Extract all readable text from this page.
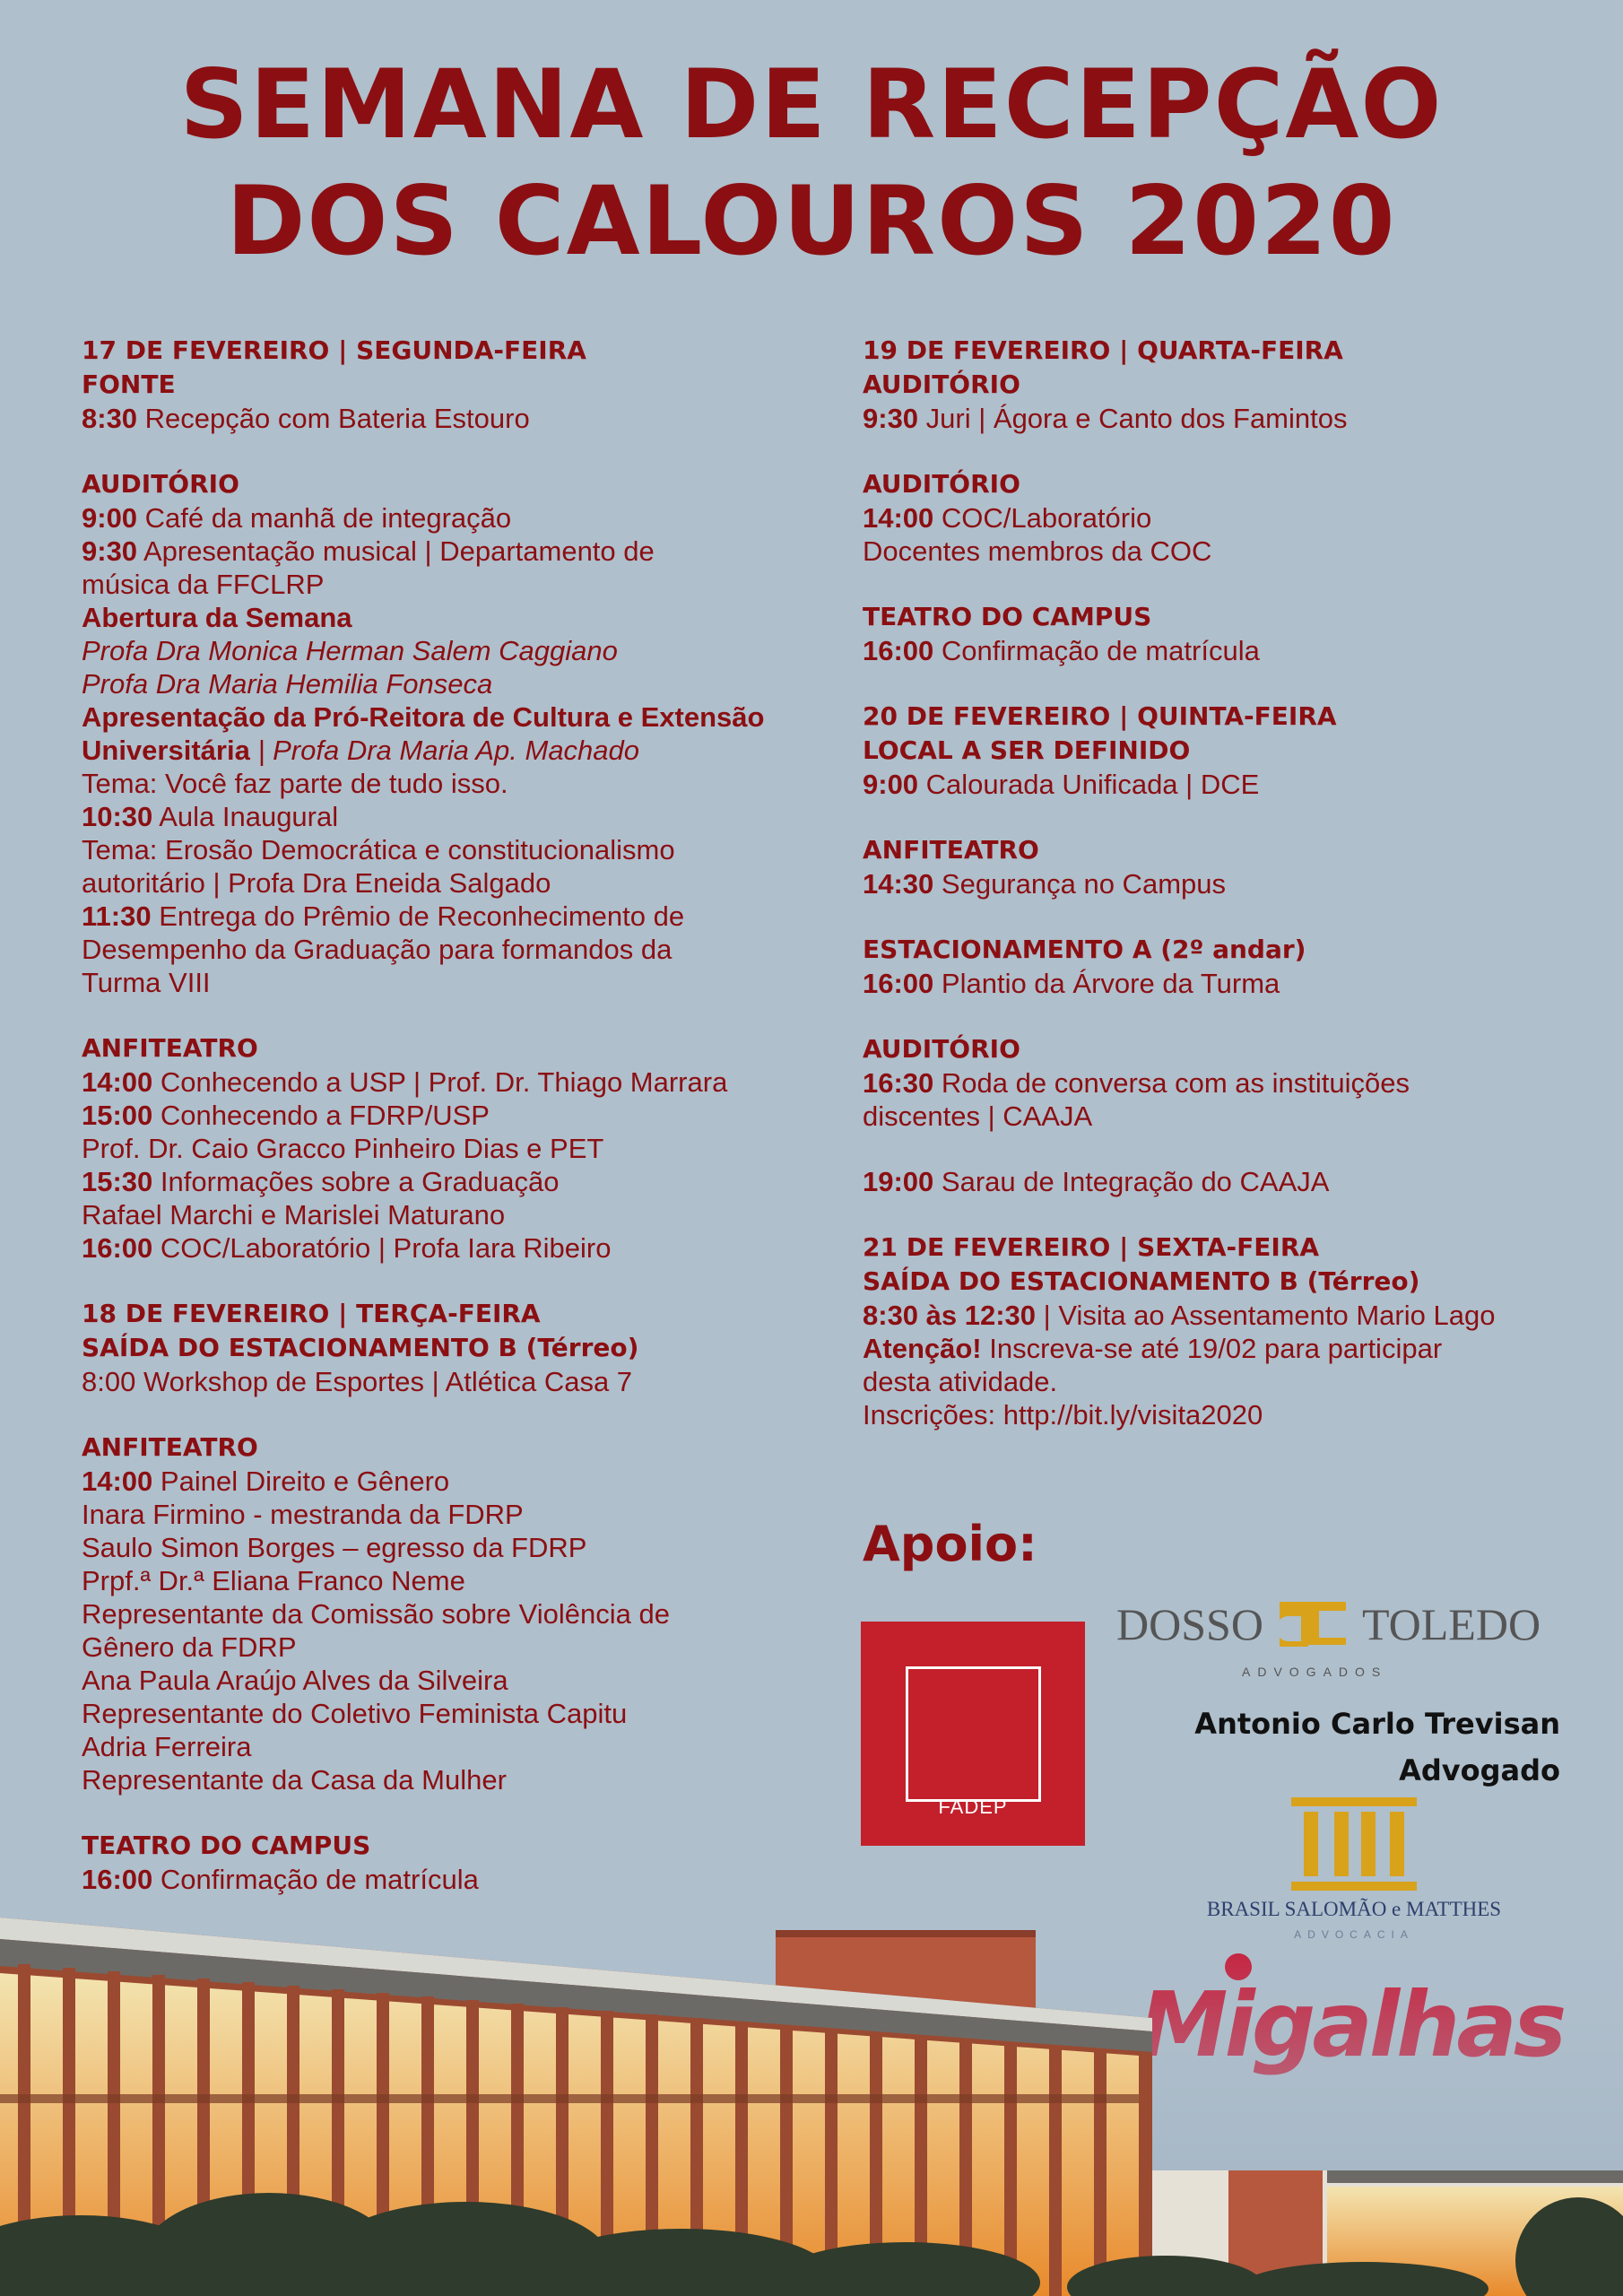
SEMANA DE RECEPÇÃO
DOS CALOUROS 2020
17 DE FEVEREIRO | SEGUNDA-FEIRA
FONTE
8:30 Recepção com Bateria Estouro
AUDITÓRIO
9:00 Café da manhã de integração
9:30 Apresentação musical | Departamento de
música da FFCLRP
Abertura da Semana
Profa Dra Monica Herman Salem Caggiano
Profa Dra Maria Hemilia Fonseca
Apresentação da Pró-Reitora de Cultura e Extensão
Universitária | Profa Dra Maria Ap. Machado
Tema: Você faz parte de tudo isso.
10:30 Aula Inaugural
Tema: Erosão Democrática e constitucionalismo
autoritário | Profa Dra Eneida Salgado
11:30 Entrega do Prêmio de Reconhecimento de
Desempenho da Graduação para formandos da
Turma VIII
ANFITEATRO
14:00 Conhecendo a USP | Prof. Dr. Thiago Marrara
15:00 Conhecendo a FDRP/USP
Prof. Dr. Caio Gracco Pinheiro Dias e PET
15:30 Informações sobre a Graduação
Rafael Marchi e Marislei Maturano
16:00 COC/Laboratório | Profa Iara Ribeiro
18 DE FEVEREIRO | TERÇA-FEIRA
SAÍDA DO ESTACIONAMENTO B (Térreo)
8:00 Workshop de Esportes | Atlética Casa 7
ANFITEATRO
14:00 Painel Direito e Gênero
Inara Firmino - mestranda da FDRP
Saulo Simon Borges – egresso da FDRP
Prpf.ª Dr.ª Eliana Franco Neme
Representante da Comissão sobre Violência de
Gênero da FDRP
Ana Paula Araújo Alves da Silveira
Representante do Coletivo Feminista Capitu
Adria Ferreira
Representante da Casa da Mulher
TEATRO DO CAMPUS
16:00 Confirmação de matrícula
19 DE FEVEREIRO | QUARTA-FEIRA
AUDITÓRIO
9:30 Juri | Ágora e Canto dos Famintos
AUDITÓRIO
14:00 COC/Laboratório
Docentes membros da COC
TEATRO DO CAMPUS
16:00 Confirmação de matrícula
20 DE FEVEREIRO | QUINTA-FEIRA
LOCAL A SER DEFINIDO
9:00 Calourada Unificada | DCE
ANFITEATRO
14:30 Segurança no Campus
ESTACIONAMENTO A (2º andar)
16:00 Plantio da Árvore da Turma
AUDITÓRIO
16:30 Roda de conversa com as instituições
discentes | CAAJA
19:00 Sarau de Integração do CAAJA
21 DE FEVEREIRO | SEXTA-FEIRA
SAÍDA DO ESTACIONAMENTO B (Térreo)
8:30 às 12:30 | Visita ao Assentamento Mario Lago
Atenção! Inscreva-se até 19/02 para participar
desta atividade.
Inscrições: http://bit.ly/visita2020
Apoio:
FADEP
DOSSO TOLEDO
ADVOGADOS
Antonio Carlo Trevisan
Advogado
